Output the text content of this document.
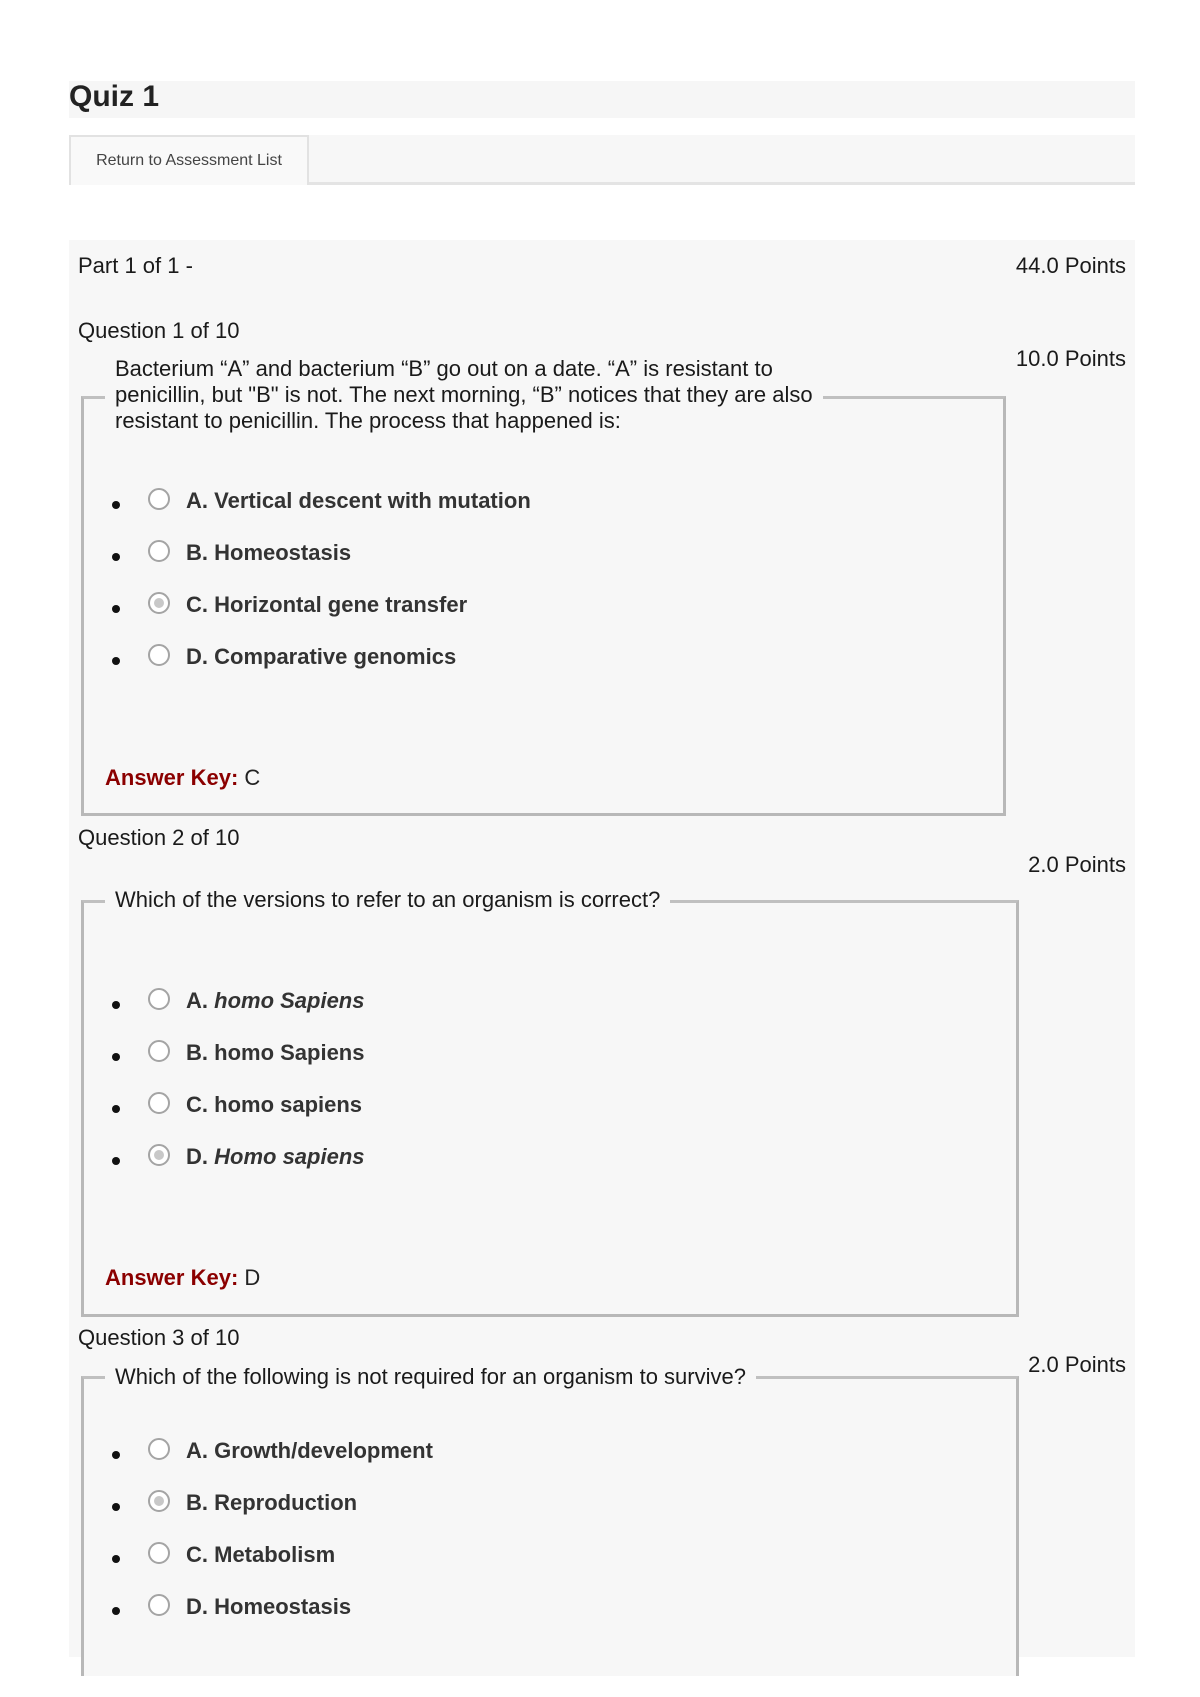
Quiz 1
Return to Assessment List
Part 1 of 1 -	44.0 Points
Question 1 of 10
10.0 Points
Bacterium “A” and bacterium “B” go out on a date. “A” is resistant to
penicillin, but "B" is not. The next morning, “B” notices that they are also
resistant to penicillin. The process that happened is:
A. Vertical descent with mutation
B. Homeostasis
C. Horizontal gene transfer
D. Comparative genomics
Answer Key: C
Question 2 of 10
2.0 Points
Which of the versions to refer to an organism is correct?
A. homo Sapiens
B. homo Sapiens
C. homo sapiens
D. Homo sapiens
Answer Key: D
Question 3 of 10
2.0 Points
Which of the following is not required for an organism to survive?
A. Growth/development
B. Reproduction
C. Metabolism
D. Homeostasis
